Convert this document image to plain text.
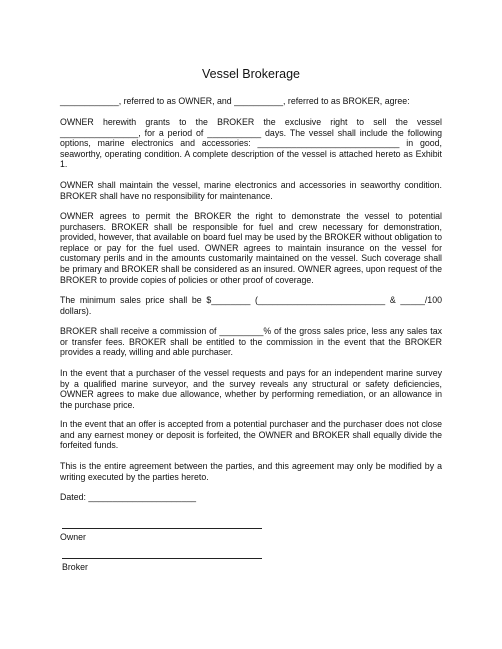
Vessel Brokerage
____________, referred to as OWNER, and __________, referred to as BROKER, agree:
OWNER herewith grants to the BROKER the exclusive right to sell the vessel ________________, for a period of ___________ days. The vessel shall include the following options, marine electronics and accessories: _____________________________ in good, seaworthy, operating condition. A complete description of the vessel is attached hereto as Exhibit 1.
OWNER shall maintain the vessel, marine electronics and accessories in seaworthy condition. BROKER shall have no responsibility for maintenance.
OWNER agrees to permit the BROKER the right to demonstrate the vessel to potential purchasers. BROKER shall be responsible for fuel and crew necessary for demonstration, provided, however, that available on board fuel may be used by the BROKER without obligation to replace or pay for the fuel used. OWNER agrees to maintain insurance on the vessel for customary perils and in the amounts customarily maintained on the vessel. Such coverage shall be primary and BROKER shall be considered as an insured. OWNER agrees, upon request of the BROKER to provide copies of policies or other proof of coverage.
The minimum sales price shall be $________ (__________________________ & _____/100 dollars).
BROKER shall receive a commission of _________% of the gross sales price, less any sales tax or transfer fees. BROKER shall be entitled to the commission in the event that the BROKER provides a ready, willing and able purchaser.
In the event that a purchaser of the vessel requests and pays for an independent marine survey by a qualified marine surveyor, and the survey reveals any structural or safety deficiencies, OWNER agrees to make due allowance, whether by performing remediation, or an allowance in the purchase price.
In the event that an offer is accepted from a potential purchaser and the purchaser does not close and any earnest money or deposit is forfeited, the OWNER and BROKER shall equally divide the forfeited funds.
This is the entire agreement between the parties, and this agreement may only be modified by a writing executed by the parties hereto.
Dated: ______________________
Owner
Broker
